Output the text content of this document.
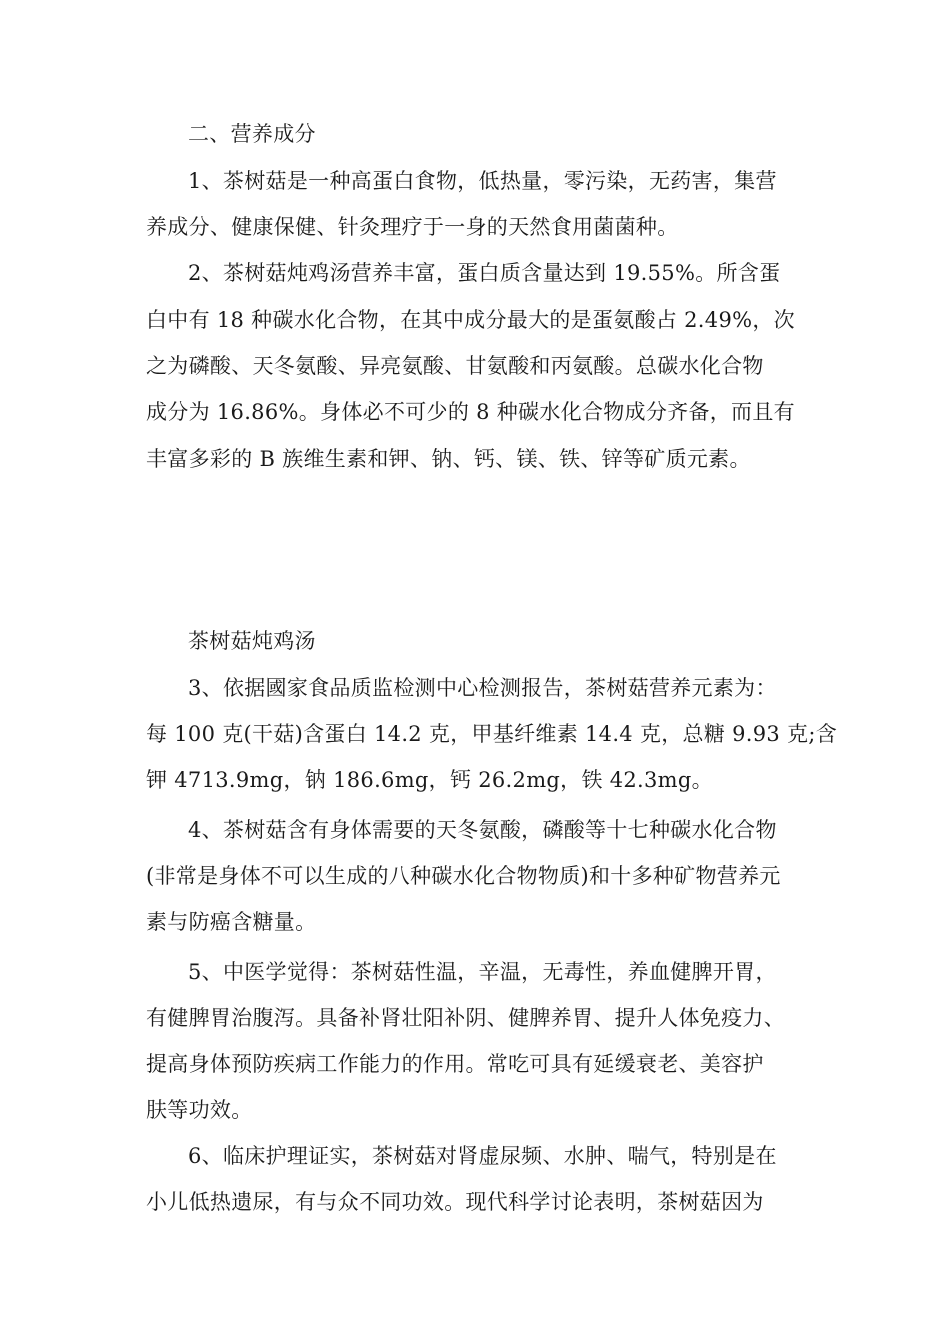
二、营养成分
1、茶树菇是一种高蛋白食物，低热量，零污染，无药害，集营
养成分、健康保健、针灸理疗于一身的天然食用菌菌种。
2、茶树菇炖鸡汤营养丰富，蛋白质含量达到 19.55%。所含蛋
白中有 18 种碳水化合物，在其中成分最大的是蛋氨酸占 2.49%，次
之为磷酸、天冬氨酸、异亮氨酸、甘氨酸和丙氨酸。总碳水化合物
成分为 16.86%。身体必不可少的 8 种碳水化合物成分齐备，而且有
丰富多彩的 B 族维生素和钾、钠、钙、镁、铁、锌等矿质元素。
茶树菇炖鸡汤
3、依据國家食品质监检测中心检测报告，茶树菇营养元素为：
每 100 克(干菇)含蛋白 14.2 克，甲基纤维素 14.4 克，总糖 9.93 克;含
钾 4713.9mg，钠 186.6mg，钙 26.2mg，铁 42.3mg。
4、茶树菇含有身体需要的天冬氨酸，磷酸等十七种碳水化合物
(非常是身体不可以生成的八种碳水化合物物质)和十多种矿物营养元
素与防癌含糖量。
5、中医学觉得：茶树菇性温，辛温，无毒性，养血健脾开胃，
有健脾胃治腹泻。具备补肾壮阳补阴、健脾养胃、提升人体免疫力、
提高身体预防疾病工作能力的作用。常吃可具有延缓衰老、美容护
肤等功效。
6、临床护理证实，茶树菇对肾虚尿频、水肿、喘气，特别是在
小儿低热遗尿，有与众不同功效。现代科学讨论表明，茶树菇因为
